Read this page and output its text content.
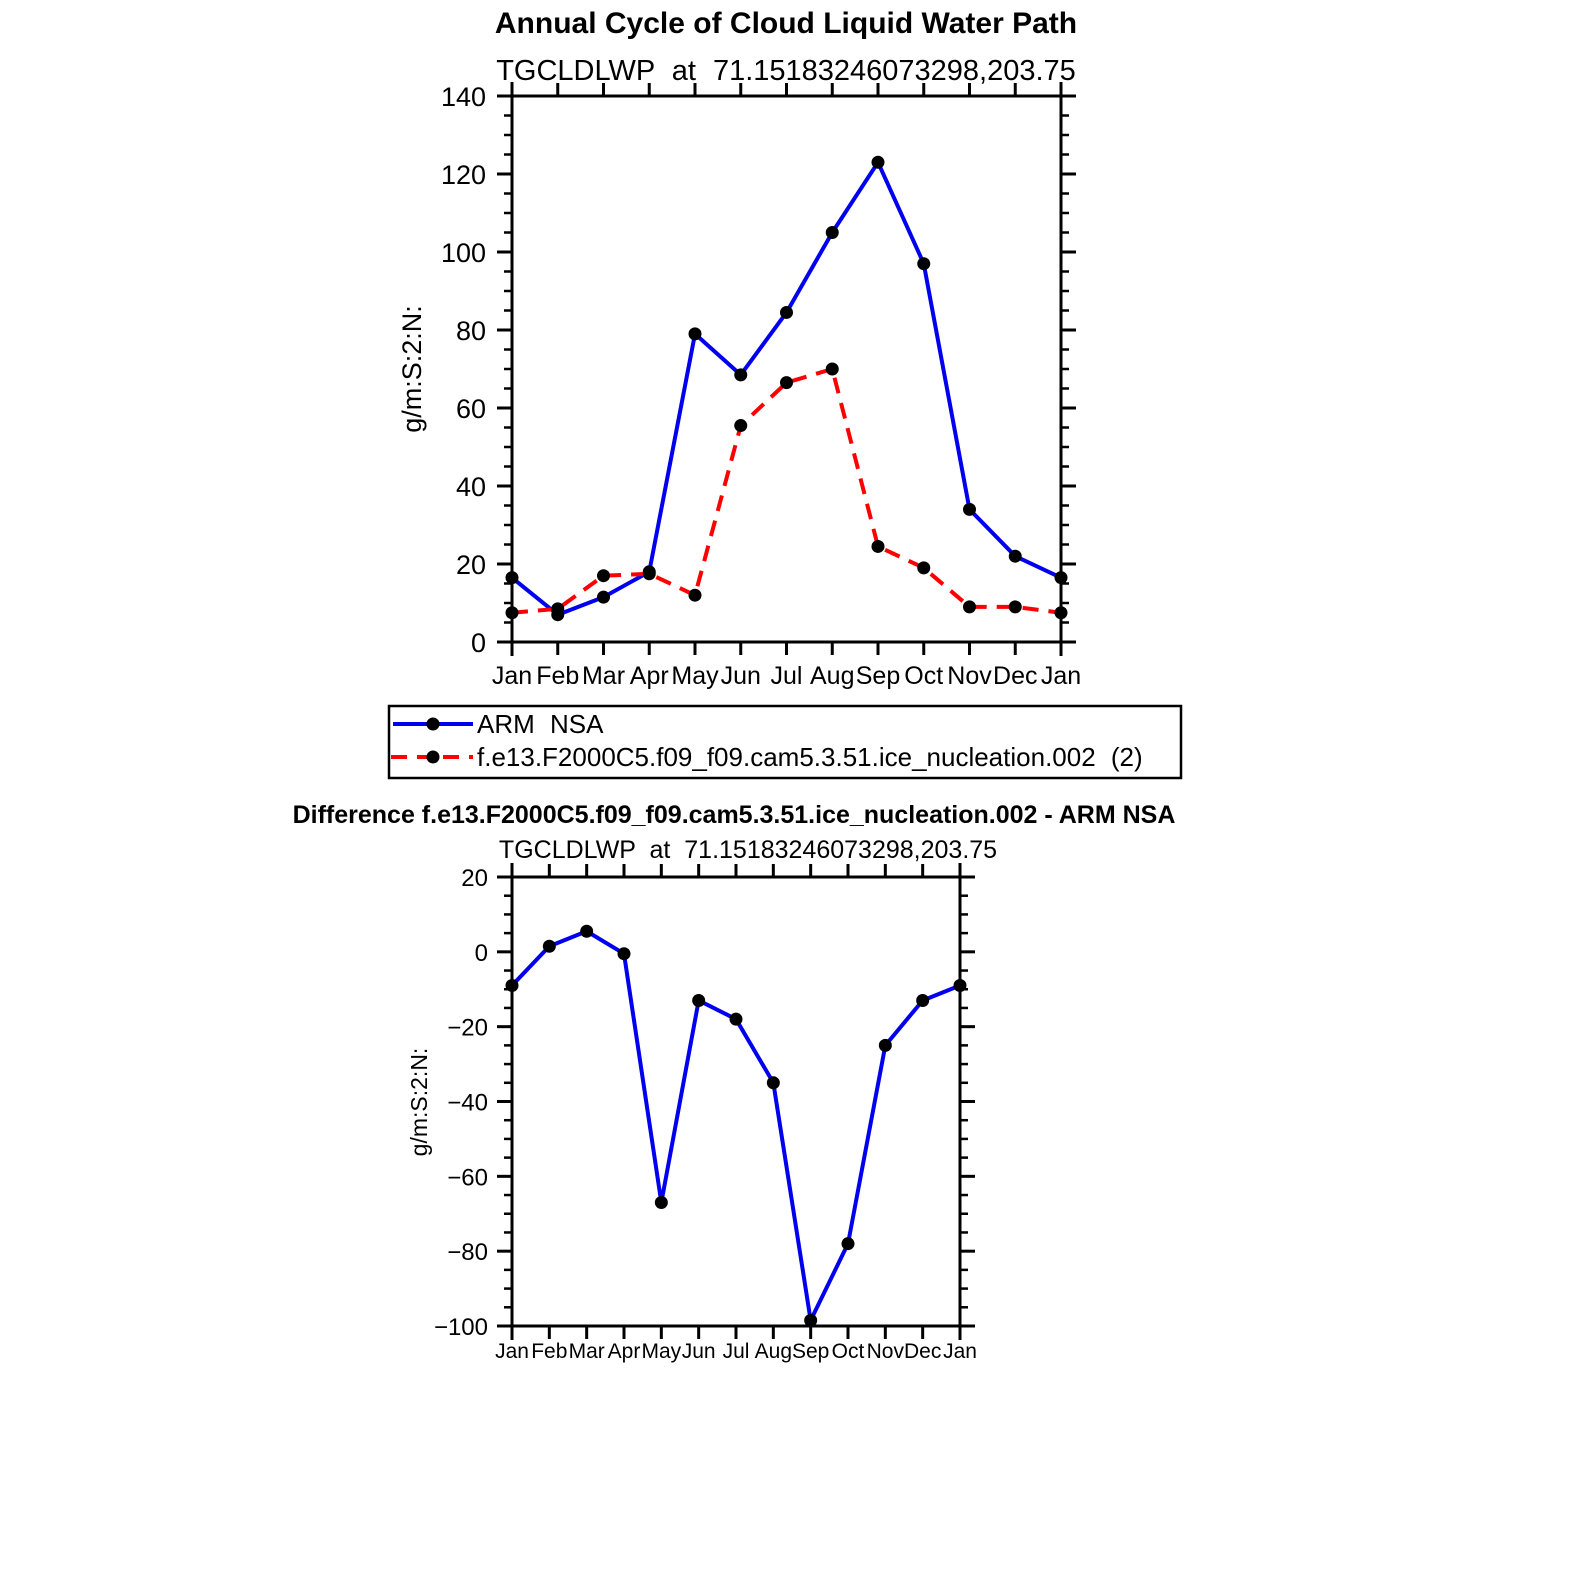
Annual Cycle of Cloud Liquid Water Path
TGCLDLWP at 71.15183246073298,203.75
g/m:S:2:N:
Jan Feb Mar Apr May Jun Jul Aug Sep Oct Nov Dec Jan
0
20
40
60
80
100
120
140
ARM NSA
f.e13.F2000C5.f09_f09.cam5.3.51.ice_nucleation.002 (2)
Difference f.e13.F2000C5.f09_f09.cam5.3.51.ice_nucleation.002 - ARM NSA
TGCLDLWP at 71.15183246073298,203.75
g/m:S:2:N:
Jan Feb Mar Apr May Jun Jul Aug Sep Oct Nov Dec Jan
−100
−80
−60
−40
−20
0
20
